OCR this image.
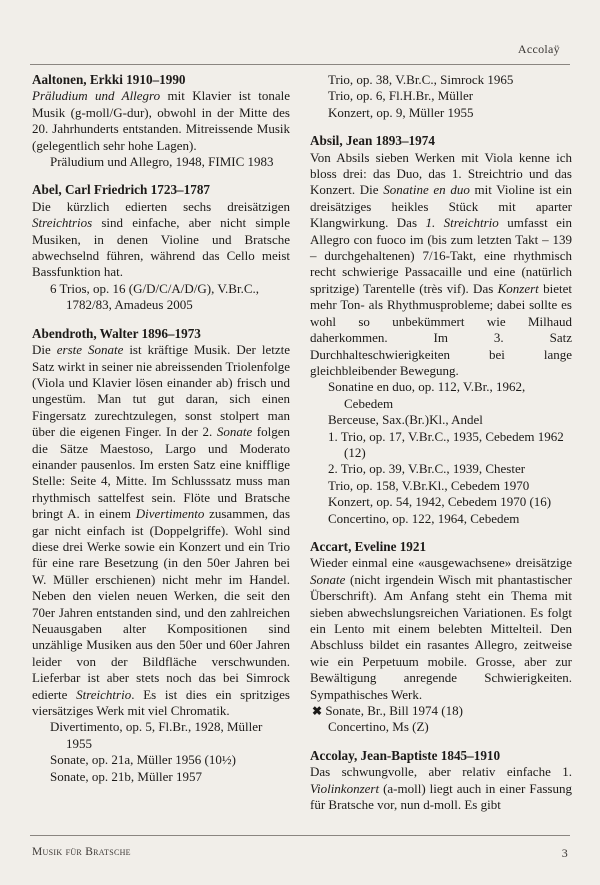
Accolaÿ
Aaltonen, Erkki 1910–1990
Präludium und Allegro mit Klavier ist tonale Musik (g-moll/G-dur), obwohl in der Mitte des 20. Jahrhunderts entstanden. Mitreissende Musik (gelegentlich sehr hohe Lagen).
Präludium und Allegro, 1948, FIMIC 1983
Abel, Carl Friedrich 1723–1787
Die kürzlich edierten sechs dreisätzigen Streichtrios sind einfache, aber nicht simple Musiken, in denen Violine und Bratsche abwechselnd führen, während das Cello meist Bassfunktion hat.
6 Trios, op. 16 (G/D/C/A/D/G), V.Br.C., 1782/83, Amadeus 2005
Abendroth, Walter 1896–1973
Die erste Sonate ist kräftige Musik. Der letzte Satz wirkt in seiner nie abreissenden Triolenfolge (Viola und Klavier lösen einander ab) frisch und ungestüm. Man tut gut daran, sich einen Fingersatz zurechtzulegen, sonst stolpert man über die eigenen Finger. In der 2. Sonate folgen die Sätze Maestoso, Largo und Moderato einander pausenlos. Im ersten Satz eine knifflige Stelle: Seite 4, Mitte. Im Schlusssatz muss man rhythmisch sattelfest sein. Flöte und Bratsche bringt A. in einem Divertimento zusammen, das gar nicht einfach ist (Doppelgriffe). Wohl sind diese drei Werke sowie ein Konzert und ein Trio für eine rare Besetzung (in den 50er Jahren bei W. Müller erschienen) nicht mehr im Handel. Neben den vielen neuen Werken, die seit den 70er Jahren entstanden sind, und den zahlreichen Neuausgaben alter Kompositionen sind unzählige Musiken aus den 50er und 60er Jahren leider von der Bildfläche verschwunden. Lieferbar ist aber stets noch das bei Simrock edierte Streichtrio. Es ist dies ein spritziges viersätziges Werk mit viel Chromatik.
Divertimento, op. 5, Fl.Br., 1928, Müller 1955
Sonate, op. 21a, Müller 1956 (10½)
Sonate, op. 21b, Müller 1957
Trio, op. 38, V.Br.C., Simrock 1965
Trio, op. 6, Fl.H.Br., Müller
Konzert, op. 9, Müller 1955
Absil, Jean 1893–1974
Von Absils sieben Werken mit Viola kenne ich bloss drei: das Duo, das 1. Streichtrio und das Konzert. Die Sonatine en duo mit Violine ist ein dreisätziges heikles Stück mit aparter Klangwirkung. Das 1. Streichtrio umfasst ein Allegro con fuoco im (bis zum letzten Takt – 139 – durchgehaltenen) 7/16-Takt, eine rhythmisch recht schwierige Passacaille und eine (natürlich spritzige) Tarentelle (très vif). Das Konzert bietet mehr Ton- als Rhythmusprobleme; dabei sollte es wohl so unbekümmert wie Milhaud daherkommen. Im 3. Satz Durchhalteschwierigkeiten bei lange gleichbleibender Bewegung.
Sonatine en duo, op. 112, V.Br., 1962, Cebedem
Berceuse, Sax.(Br.)Kl., Andel
1. Trio, op. 17, V.Br.C., 1935, Cebedem 1962 (12)
2. Trio, op. 39, V.Br.C., 1939, Chester
Trio, op. 158, V.Br.Kl., Cebedem 1970
Konzert, op. 54, 1942, Cebedem 1970 (16)
Concertino, op. 122, 1964, Cebedem
Accart, Eveline 1921
Wieder einmal eine «ausgewachsene» dreisätzige Sonate (nicht irgendein Wisch mit phantastischer Überschrift). Am Anfang steht ein Thema mit sieben abwechslungsreichen Variationen. Es folgt ein Lento mit einem belebten Mittelteil. Den Abschluss bildet ein rasantes Allegro, zeitweise wie ein Perpetuum mobile. Grosse, aber zur Bewältigung anregende Schwierigkeiten. Sympathisches Werk.
✖ Sonate, Br., Bill 1974 (18)
Concertino, Ms (Z)
Accolay, Jean-Baptiste 1845–1910
Das schwungvolle, aber relativ einfache 1. Violinkonzert (a-moll) liegt auch in einer Fassung für Bratsche vor, nun d-moll. Es gibt
Musik für Bratsche	3
